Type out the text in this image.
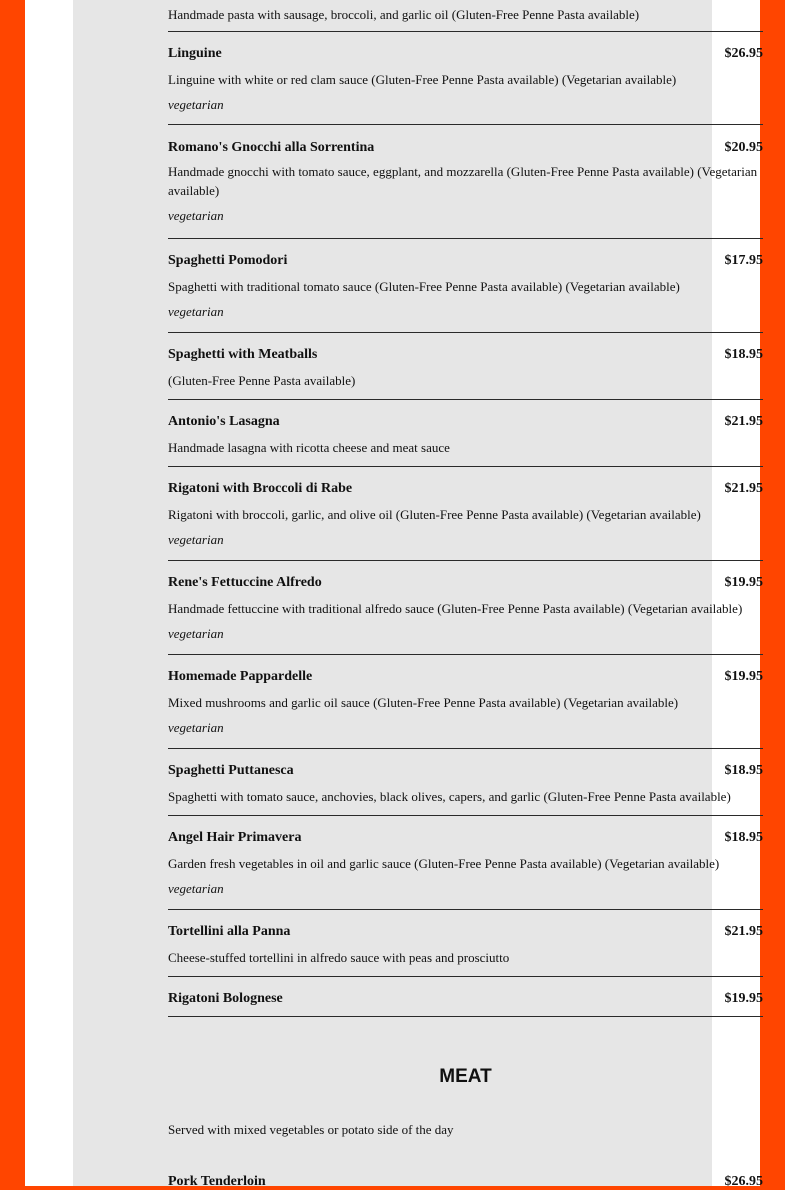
Handmade pasta with sausage, broccoli, and garlic oil (Gluten-Free Penne Pasta available)
Linguine	$26.95
Linguine with white or red clam sauce (Gluten-Free Penne Pasta available) (Vegetarian available)
vegetarian
Romano's Gnocchi alla Sorrentina	$20.95
Handmade gnocchi with tomato sauce, eggplant, and mozzarella (Gluten-Free Penne Pasta available) (Vegetarian available)
vegetarian
Spaghetti Pomodori	$17.95
Spaghetti with traditional tomato sauce (Gluten-Free Penne Pasta available) (Vegetarian available)
vegetarian
Spaghetti with Meatballs	$18.95
(Gluten-Free Penne Pasta available)
Antonio's Lasagna	$21.95
Handmade lasagna with ricotta cheese and meat sauce
Rigatoni with Broccoli di Rabe	$21.95
Rigatoni with broccoli, garlic, and olive oil (Gluten-Free Penne Pasta available) (Vegetarian available)
vegetarian
Rene's Fettuccine Alfredo	$19.95
Handmade fettuccine with traditional alfredo sauce (Gluten-Free Penne Pasta available) (Vegetarian available)
vegetarian
Homemade Pappardelle	$19.95
Mixed mushrooms and garlic oil sauce (Gluten-Free Penne Pasta available) (Vegetarian available)
vegetarian
Spaghetti Puttanesca	$18.95
Spaghetti with tomato sauce, anchovies, black olives, capers, and garlic (Gluten-Free Penne Pasta available)
Angel Hair Primavera	$18.95
Garden fresh vegetables in oil and garlic sauce (Gluten-Free Penne Pasta available) (Vegetarian available)
vegetarian
Tortellini alla Panna	$21.95
Cheese-stuffed tortellini in alfredo sauce with peas and prosciutto
Rigatoni Bolognese	$19.95
MEAT
Served with mixed vegetables or potato side of the day
Pork Tenderloin	$26.95
